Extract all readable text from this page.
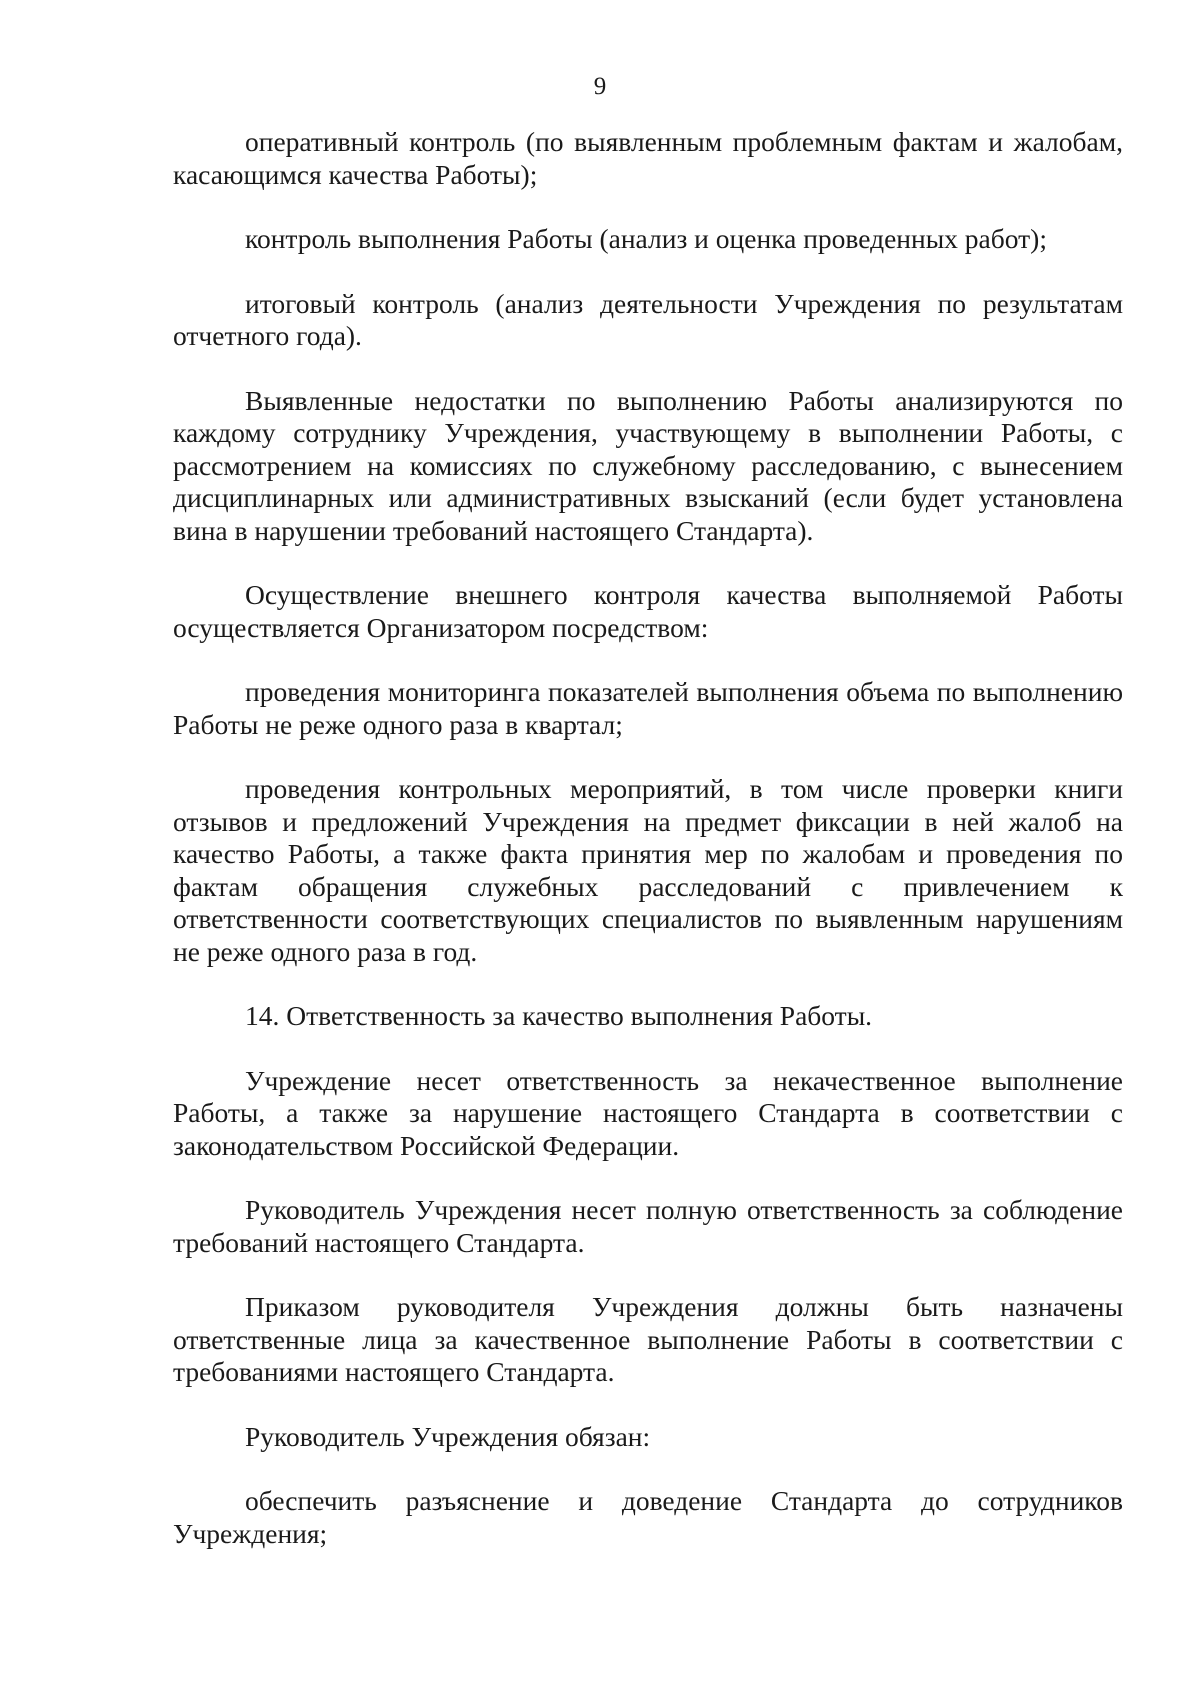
9

оперативный контроль (по выявленным проблемным фактам и жалобам, касающимся качества Работы);

контроль выполнения Работы (анализ и оценка проведенных работ);

итоговый контроль (анализ деятельности Учреждения по результатам отчетного года).

Выявленные недостатки по выполнению Работы анализируются по каждому сотруднику Учреждения, участвующему в выполнении Работы, с рассмотрением на комиссиях по служебному расследованию, с вынесением дисциплинарных или административных взысканий (если будет установлена вина в нарушении требований настоящего Стандарта).

Осуществление внешнего контроля качества выполняемой Работы осуществляется Организатором посредством:

проведения мониторинга показателей выполнения объема по выполнению Работы не реже одного раза в квартал;

проведения контрольных мероприятий, в том числе проверки книги отзывов и предложений Учреждения на предмет фиксации в ней жалоб на качество Работы, а также факта принятия мер по жалобам и проведения по фактам обращения служебных расследований с привлечением к ответственности соответствующих специалистов по выявленным нарушениям не реже одного раза в год.

14. Ответственность за качество выполнения Работы.

Учреждение несет ответственность за некачественное выполнение Работы, а также за нарушение настоящего Стандарта в соответствии с законодательством Российской Федерации.

Руководитель Учреждения несет полную ответственность за соблюдение требований настоящего Стандарта.

Приказом руководителя Учреждения должны быть назначены ответственные лица за качественное выполнение Работы в соответствии с требованиями настоящего Стандарта.

Руководитель Учреждения обязан:

обеспечить разъяснение и доведение Стандарта до сотрудников Учреждения;
